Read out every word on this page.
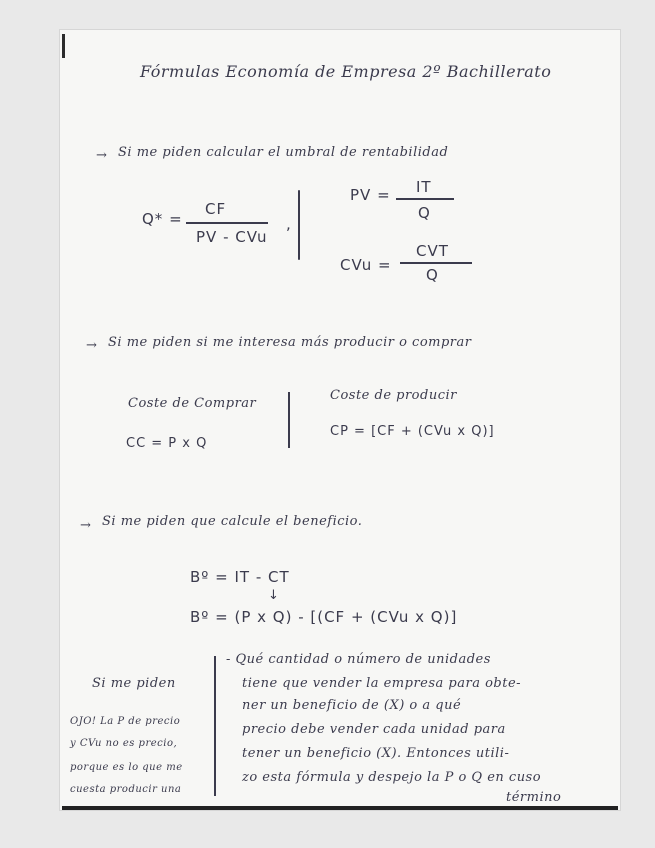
Fórmulas Economía de Empresa 2º Bachillerato
→ Si me piden calcular el umbral de rentabilidad
Q* =
CF
PV - CVu
,
PV = IT
Q
CVu =
CVT
Q
→ Si me piden si me interesa más producir o comprar
Coste de Comprar
CC = P x Q
Coste de producir
CP = [CF + (CVu x Q)]
→ Si me piden que calcule el beneficio.
Bº = IT - CT
↓
Bº = (P x Q) - [(CF + (CVu x Q)]
Si me piden
OJO! La P de precio
y CVu no es precio,
porque es lo que me
cuesta producir una
- Qué cantidad o número de unidades
tiene que vender la empresa para obte-
ner un beneficio de (X) o a qué
precio debe vender cada unidad para
tener un beneficio (X). Entonces utili-
zo esta fórmula y despejo la P o Q en cuso
término
